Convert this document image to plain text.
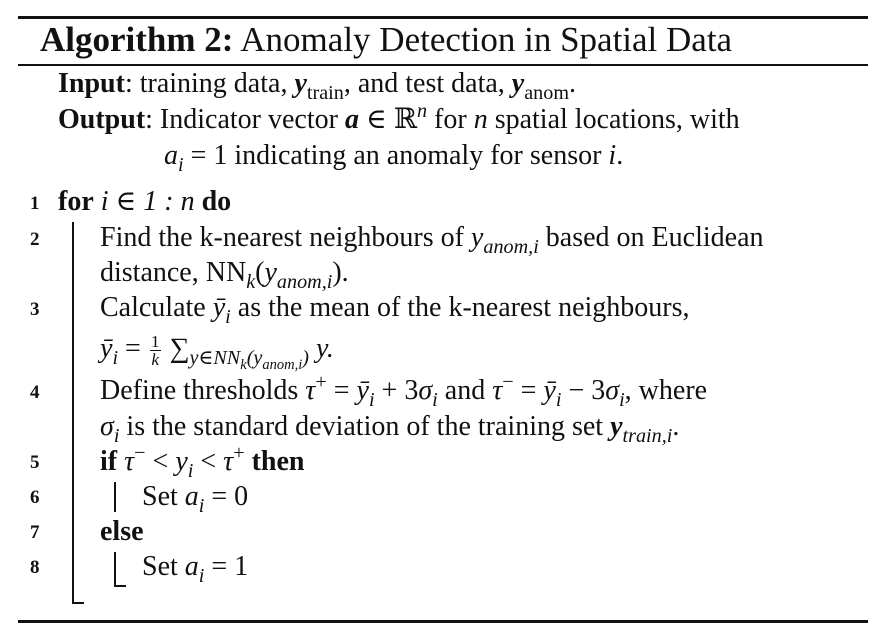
Algorithm 2: Anomaly Detection in Spatial Data
Input: training data, $y_{train}$, and test data, $y_{anom}$.
Output: Indicator vector a ∈ ℝ$^n$ for n spatial locations, with
$a_i = 1$ indicating an anomaly for sensor i.
1
2
3
4
5
6
7
8
for i ∈ 1 : n do
Find the k-nearest neighbours of $y_{anom,i}$ based on Euclidean
distance, $NN_k(y_{anom,i})$.
Calculate $ȳ_i$ as the mean of the k-nearest neighbours,
$ȳ_i = \frac{1}{k} \sum_{y\in NN_k(y_{anom,i})}$ y.
Define thresholds $\tau^+ = ȳ_i + 3\sigma_i$ and $\tau^- = ȳ_i - 3\sigma_i$, where
$\sigma_i$ is the standard deviation of the training set $y_{train,i}$.
if $\tau^- < y_i < \tau^+$ then
Set $a_i = 0$
else
Set $a_i = 1$
